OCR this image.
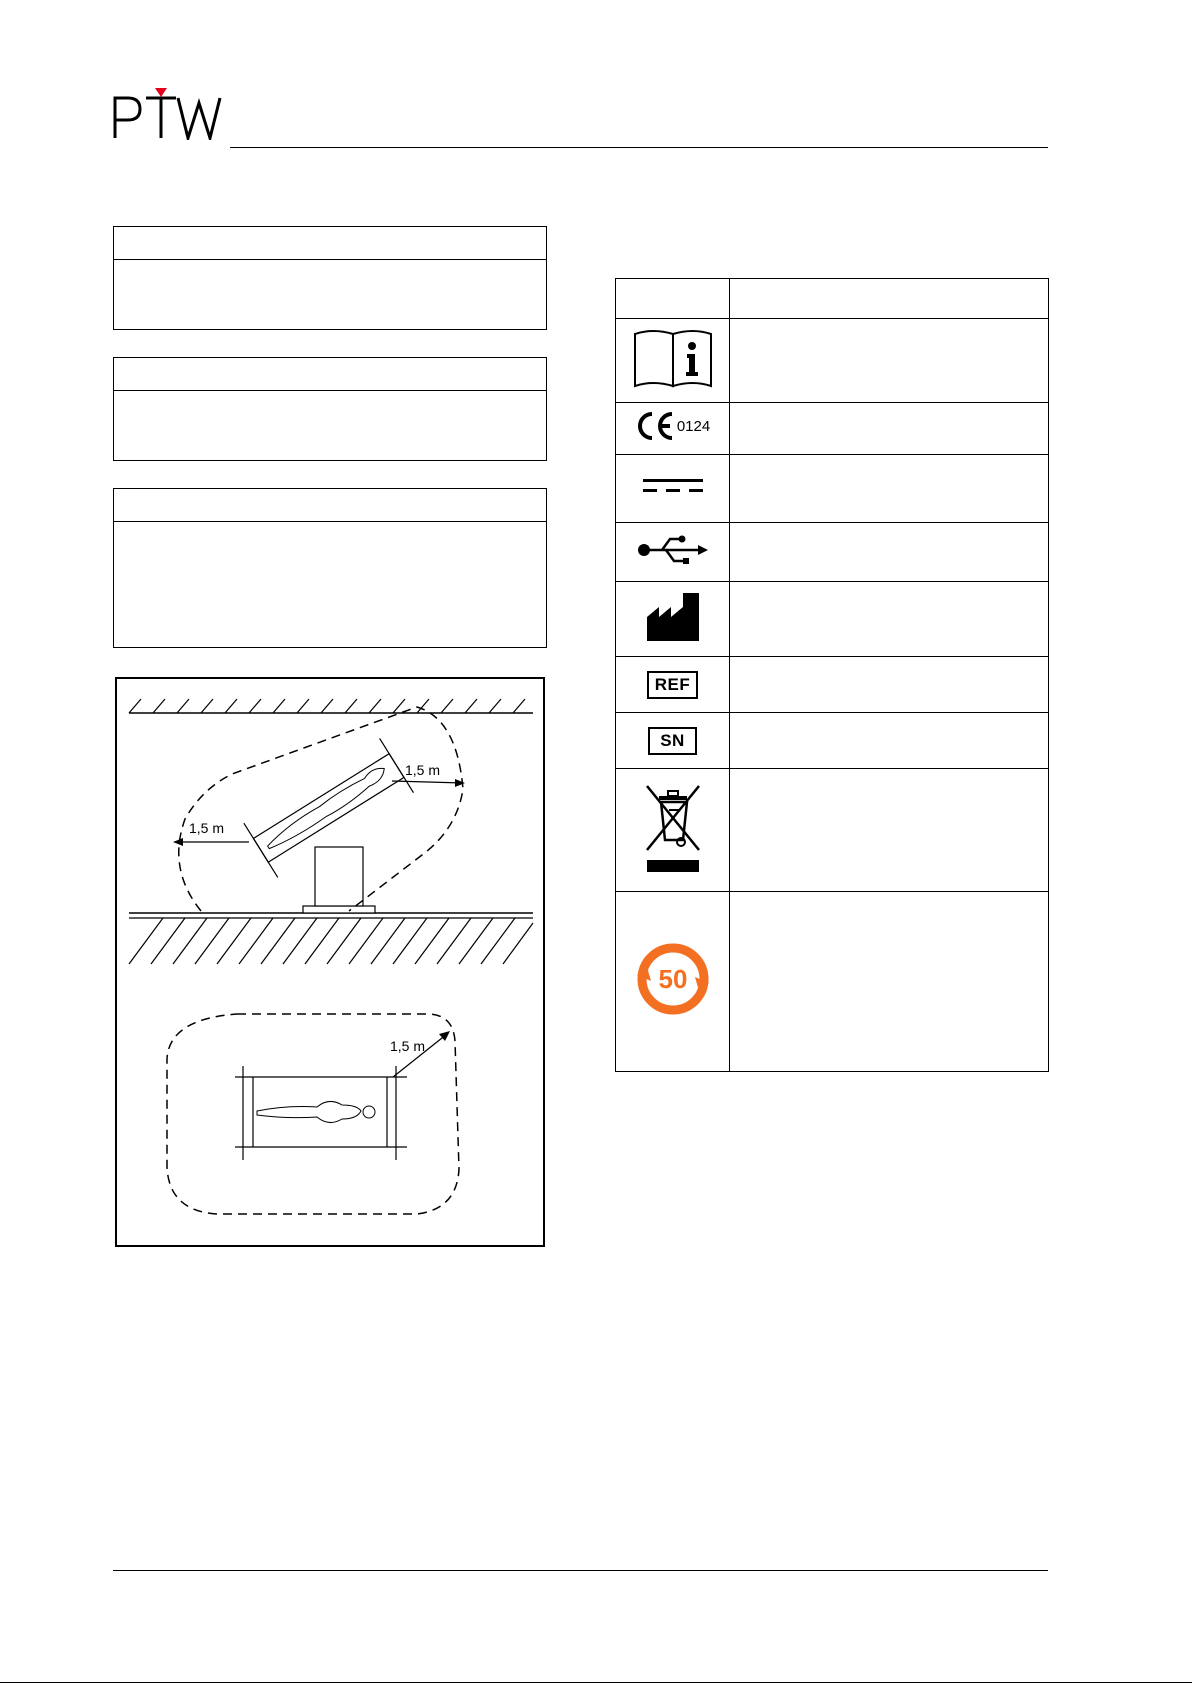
1,5 m
1,5 m
1,5 m

0124	

REF	
SN	

50	
